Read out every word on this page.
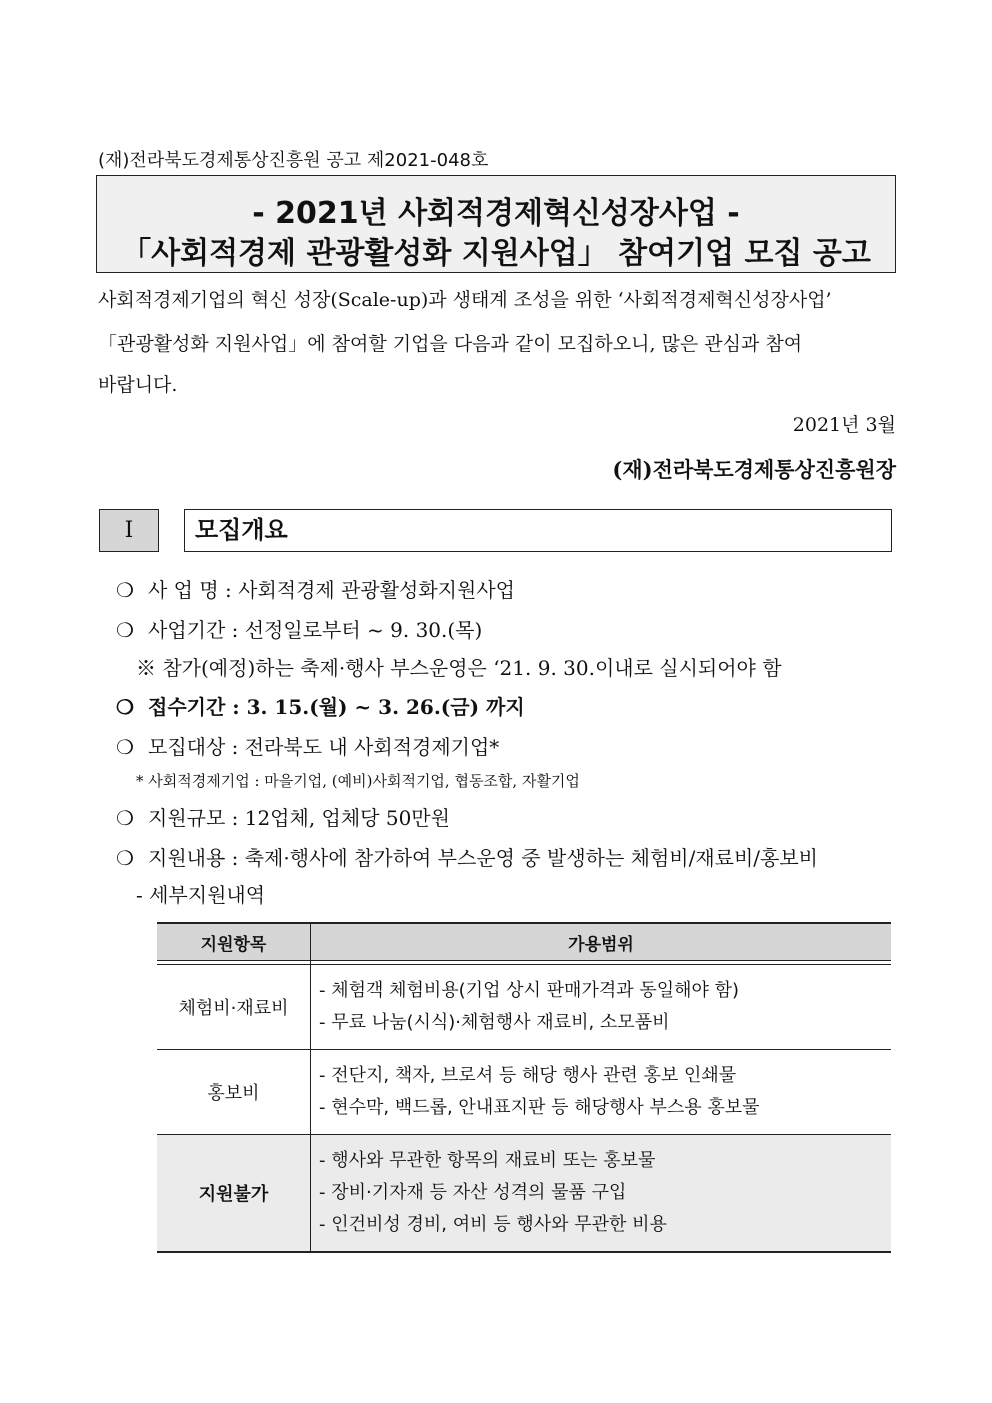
(재)전라북도경제통상진흥원 공고 제2021-048호
- 2021년 사회적경제혁신성장사업 -
「사회적경제 관광활성화 지원사업」 참여기업 모집 공고
사회적경제기업의 혁신 성장(Scale-up)과 생태계 조성을 위한 ‘사회적경제혁신성장사업’
「관광활성화 지원사업」에 참여할 기업을 다음과 같이 모집하오니, 많은 관심과 참여
바랍니다.
2021년 3월
(재)전라북도경제통상진흥원장
Ⅰ	모집개요
❍ 사 업 명 : 사회적경제 관광활성화지원사업
❍ 사업기간 : 선정일로부터 ~ 9. 30.(목)
※ 참가(예정)하는 축제·행사 부스운영은 ‘21. 9. 30.이내로 실시되어야 함
❍ 접수기간 : 3. 15.(월) ~ 3. 26.(금) 까지
❍ 모집대상 : 전라북도 내 사회적경제기업*
* 사회적경제기업 : 마을기업, (예비)사회적기업, 협동조합, 자활기업
❍ 지원규모 : 12업체, 업체당 50만원
❍ 지원내용 : 축제·행사에 참가하여 부스운영 중 발생하는 체험비/재료비/홍보비
- 세부지원내역
지원항목	가용범위

체험비·재료비	- 체험객 체험비용(기업 상시 판매가격과 동일해야 함)
- 무료 나눔(시식)·체험행사 재료비, 소모품비

홍보비	- 전단지, 책자, 브로셔 등 해당 행사 관련 홍보 인쇄물
- 현수막, 백드롭, 안내표지판 등 해당행사 부스용 홍보물

지원불가	- 행사와 무관한 항목의 재료비 또는 홍보물
- 장비·기자재 등 자산 성격의 물품 구입
- 인건비성 경비, 여비 등 행사와 무관한 비용
